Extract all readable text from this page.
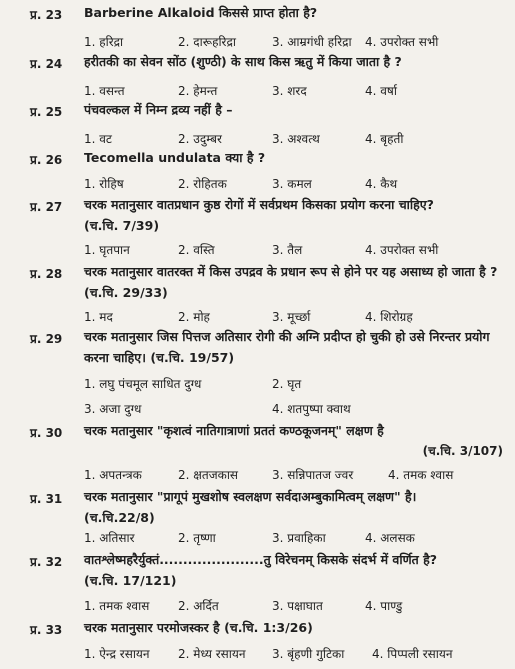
प्र. 23	Barberine Alkaloid किससे प्राप्त होता है?
1. हरिद्रा	2. दारूहरिद्रा	3. आम्रगंधी हरिद्रा 4. उपरोक्त सभी
प्र. 24	हरीतकी का सेवन सोंठ (शुण्ठी) के साथ किस ऋतु में किया जाता है ?
1. वसन्त	2. हेमन्त	3. शरद	4. वर्षा
प्र. 25	पंचवल्कल में निम्न द्रव्य नहीं है –
1. वट	2. उदुम्बर	3. अश्वत्थ	4. बृहती
प्र. 26	Tecomella undulata क्या है ?
1. रोहिष	2. रोहितक	3. कमल	4. कैथ
प्र. 27	चरक मतानुसार वातप्रधान कुष्ठ रोगों में सर्वप्रथम किसका प्रयोग करना चाहिए?
(च.चि. 7/39)
1. घृतपान	2. वस्ति	3. तैल	4. उपरोक्त सभी
प्र. 28	चरक मतानुसार वातरक्त में किस उपद्रव के प्रधान रूप से होने पर यह असाध्य हो जाता है ? (च.चि. 29/33)
1. मद	2. मोह	3. मूर्च्छा	4. शिरोग्रह
प्र. 29	चरक मतानुसार जिस पित्तज अतिसार रोगी की अग्नि प्रदीप्त हो चुकी हो उसे निरन्तर प्रयोग करना चाहिए। (च.चि. 19/57)
1. लघु पंचमूल साधित दुग्ध	2. घृत
3. अजा दुग्ध	4. शतपुष्पा क्वाथ
प्र. 30	चरक मतानुसार "कृशत्वं नातिगात्राणां प्रततं कण्ठकूजनम्" लक्षण है
(च.चि. 3/107)
1. अपतन्त्रक	2. क्षतजकास	3. सन्निपातज ज्वर	4. तमक श्वास
प्र. 31	चरक मतानुसार "प्रागूपं मुखशोष स्वलक्षण सर्वदाअम्बुकामित्वम् लक्षण" है।
(च.चि.22/8)
1. अतिसार	2. तृष्णा	3. प्रवाहिका	4. अलसक
प्र. 32	वातश्लेष्महरैर्युक्तं......................तु विरेचनम् किसके संदर्भ में वर्णित है?
(च.चि. 17/121)
1. तमक श्वास 2. अर्दित	3. पक्षाघात	4. पाण्डु
प्र. 33	चरक मतानुसार परमोजस्कर है (च.चि. 1:3/26)
1. ऐन्द्र रसायन 2. मेध्य रसायन 3. बृंहणी गुटिका 4. पिप्पली रसायन
